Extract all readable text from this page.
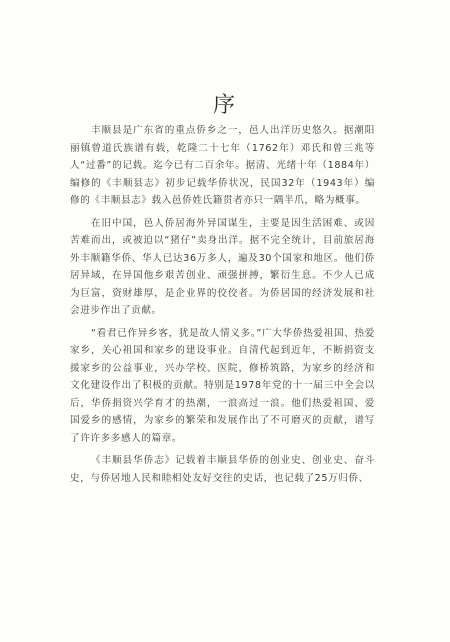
序

丰顺县是广东省的重点侨乡之一，邑人出洋历史悠久。据潮阳丽镇曾道氏族谱有载，乾隆二十七年（1762年）邓氏和曾三兆等人“过番”的记载。迄今已有二百余年。据清、光绪十年（1884年）编修的《丰顺县志》初步记载华侨状况，民国32年（1943年）编修的《丰顺县志》载入邑侨姓氏籍贯者亦只一隅半爪，略为概事。

在旧中国，邑人侨居海外异国谋生，主要是因生活困难、或因苦难而出，或被迫以“猪仔”卖身出洋。据不完全统计，目前旅居海外丰顺籍华侨、华人已达36万多人，遍及30个国家和地区。他们侨居异域，在异国他乡艰苦创业、顽强拼搏，繁衍生息。不少人已成为巨富，资财雄厚，是企业界的佼佼者。为侨居国的经济发展和社会进步作出了贡献。

“看君已作异乡客，犹是故人情义多。”广大华侨热爱祖国、热爱家乡，关心祖国和家乡的建设事业。自清代起到近年，不断捐资支援家乡的公益事业，兴办学校、医院，修桥筑路，为家乡的经济和文化建设作出了积极的贡献。特别是1978年党的十一届三中全会以后，华侨捐资兴学育才的热潮，一浪高过一浪。他们热爱祖国、爱国爱乡的感情，为家乡的繁荣和发展作出了不可磨灭的贡献，谱写了许许多多感人的篇章。

《丰顺县华侨志》记载着丰顺县华侨的创业史、创业史、奋斗史，与侨居地人民和睦相处友好交往的史话，也记载了25万归侨、
